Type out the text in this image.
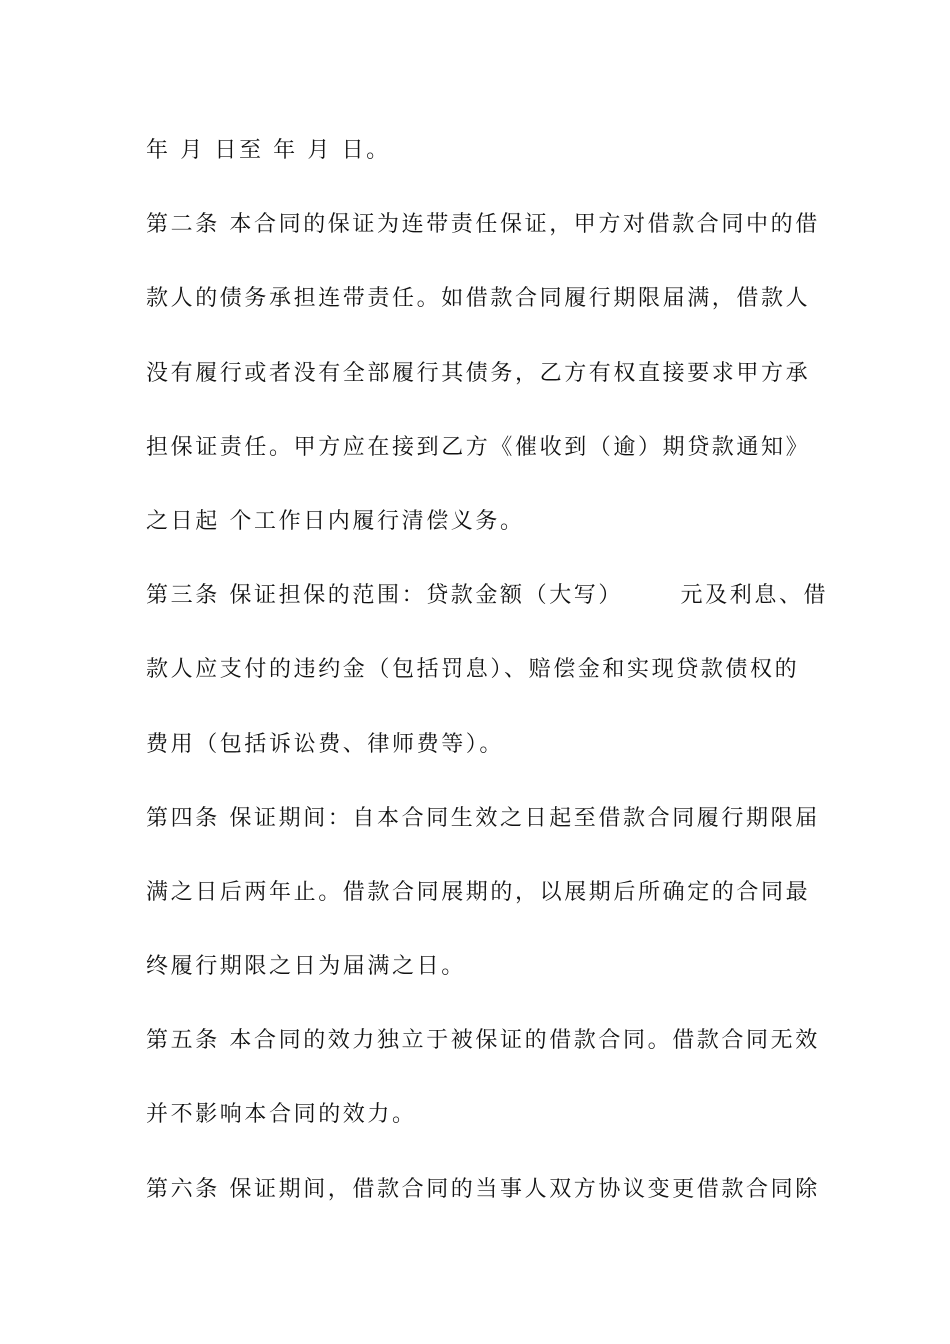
年 月 日至 年 月 日。
第二条 本合同的保证为连带责任保证，甲方对借款合同中的借
款人的债务承担连带责任。如借款合同履行期限届满，借款人
没有履行或者没有全部履行其债务，乙方有权直接要求甲方承
担保证责任。甲方应在接到乙方《催收到（逾）期贷款通知》
之日起 个工作日内履行清偿义务。
第三条 保证担保的范围：贷款金额（大写）      元及利息、借
款人应支付的违约金（包括罚息）、赔偿金和实现贷款债权的
费用（包括诉讼费、律师费等）。
第四条 保证期间：自本合同生效之日起至借款合同履行期限届
满之日后两年止。借款合同展期的，以展期后所确定的合同最
终履行期限之日为届满之日。
第五条 本合同的效力独立于被保证的借款合同。借款合同无效
并不影响本合同的效力。
第六条 保证期间，借款合同的当事人双方协议变更借款合同除
